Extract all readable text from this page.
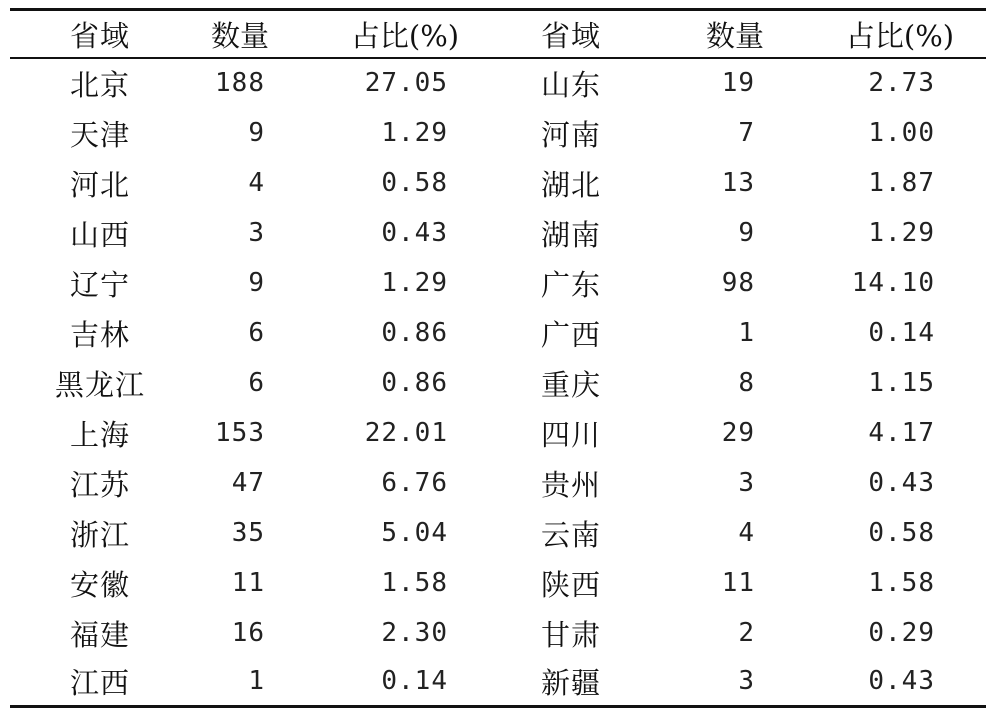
省域	数量	占比(%)	省域	数量	占比(%)
北京	188	27.05	山东	19	2.73
天津	9	1.29	河南	7	1.00
河北	4	0.58	湖北	13	1.87
山西	3	0.43	湖南	9	1.29
辽宁	9	1.29	广东	98	14.10
吉林	6	0.86	广西	1	0.14
黑龙江	6	0.86	重庆	8	1.15
上海	153	22.01	四川	29	4.17
江苏	47	6.76	贵州	3	0.43
浙江	35	5.04	云南	4	0.58
安徽	11	1.58	陕西	11	1.58
福建	16	2.30	甘肃	2	0.29
江西	1	0.14	新疆	3	0.43
